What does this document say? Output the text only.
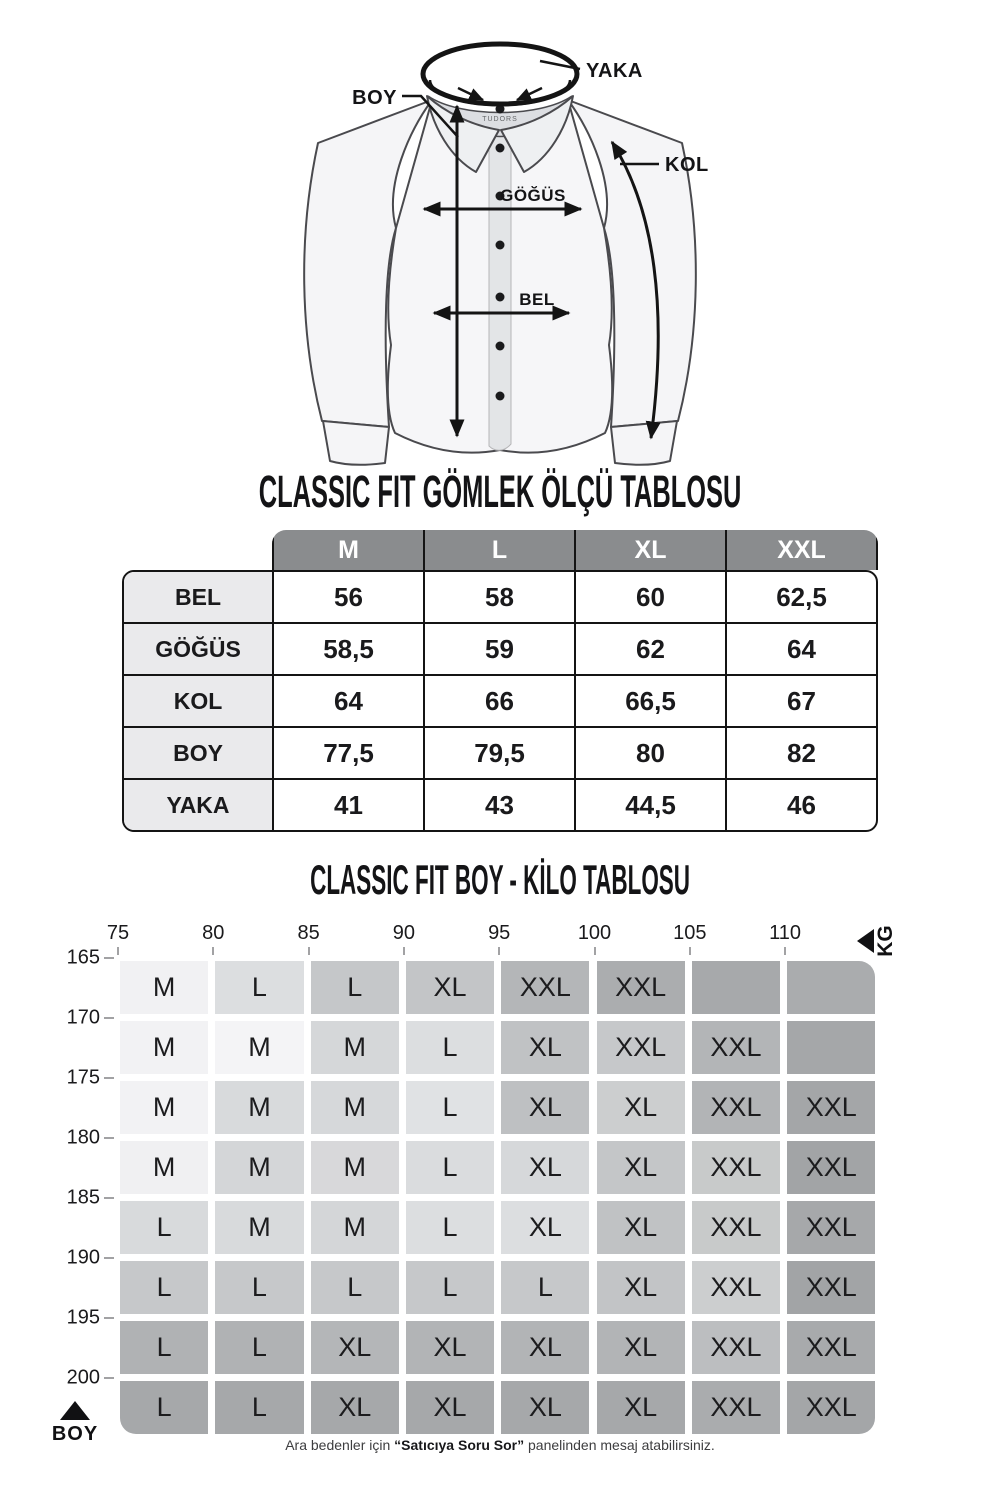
TUDORS
YAKA
BOY
KOL
GÖĞÜS
BEL
CLASSIC FIT GÖMLEK ÖLÇÜ TABLOSU
M	L	XL	XXL
BEL	56	58	60	62,5
GÖĞÜS	58,5	59	62	64
KOL	64	66	66,5	67
BOY	77,5	79,5	80	82
YAKA	41	43	44,5	46
CLASSIC FIT BOY - KİLO TABLOSU
75	80	85	90	95	100	105	110
165
M	L	L	XL	XXL	XXL
170
M	M	M	L	XL	XXL	XXL
175
M	M	M	L	XL	XL	XXL	XXL
180
M	M	M	L	XL	XL	XXL	XXL
185
L	M	M	L	XL	XL	XXL	XXL
190
L	L	L	L	L	XL	XXL	XXL
195
L	L	XL	XL	XL	XL	XXL	XXL
200
L	L	XL	XL	XL	XL	XXL	XXL
KG
BOY	Ara bedenler için “Satıcıya Soru Sor” panelinden mesaj atabilirsiniz.
